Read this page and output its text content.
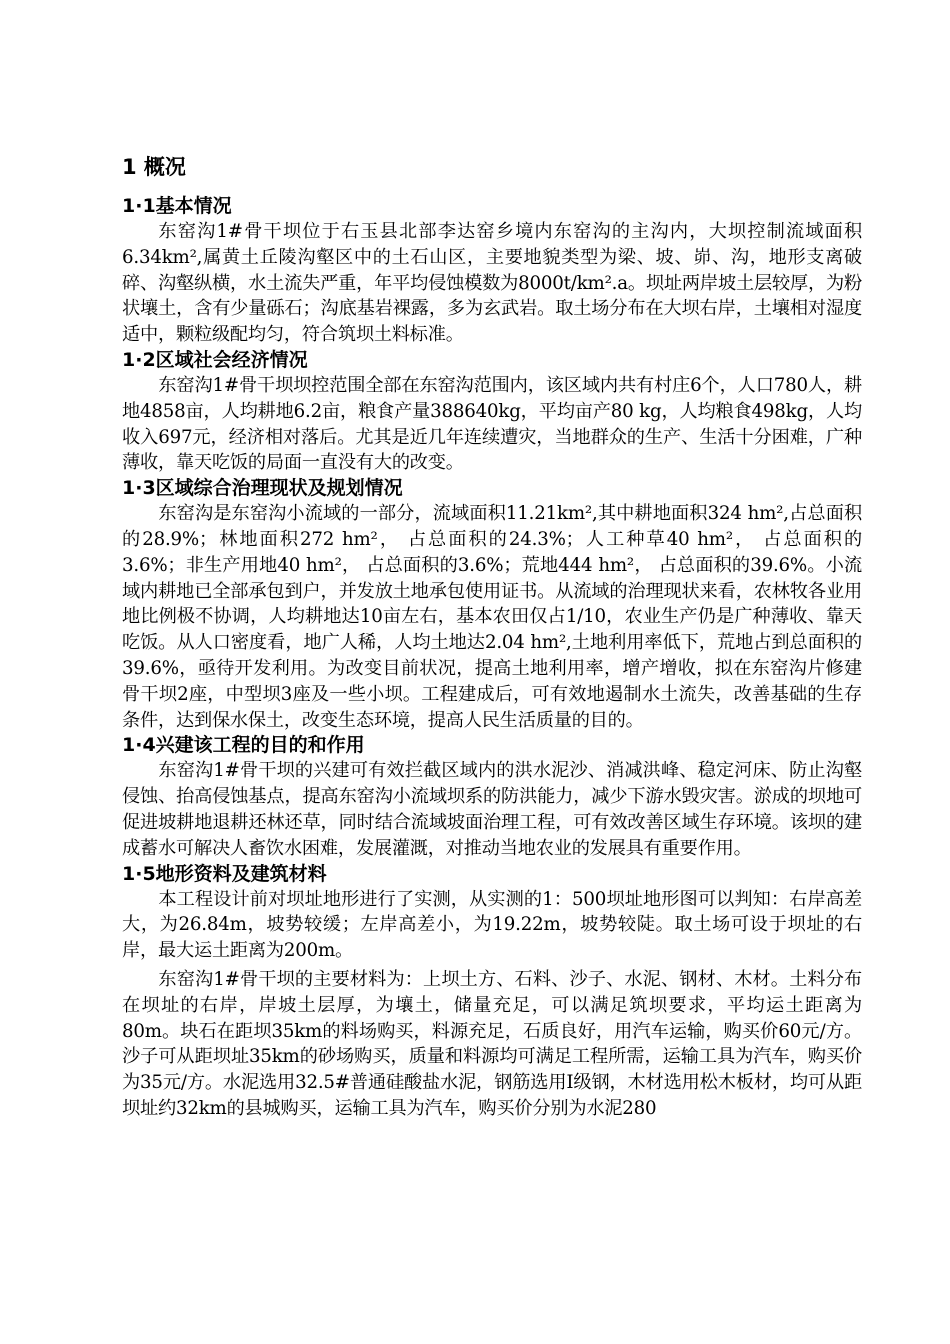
1 概况
1·1基本情况

东窑沟1#骨干坝位于右玉县北部李达窑乡境内东窑沟的主沟内，大坝控制流域面积6.34km²,属黄土丘陵沟壑区中的土石山区，主要地貌类型为梁、坡、峁、沟，地形支离破碎、沟壑纵横，水土流失严重，年平均侵蚀模数为8000t/km².a。坝址两岸坡土层较厚，为粉状壤土，含有少量砾石；沟底基岩裸露，多为玄武岩。取土场分布在大坝右岸，土壤相对湿度适中，颗粒级配均匀，符合筑坝土料标准。

1·2区域社会经济情况

东窑沟1#骨干坝坝控范围全部在东窑沟范围内，该区域内共有村庄6个，人口780人，耕地4858亩，人均耕地6.2亩，粮食产量388640kg，平均亩产80 kg，人均粮食498kg，人均收入697元，经济相对落后。尤其是近几年连续遭灾，当地群众的生产、生活十分困难，广种薄收，靠天吃饭的局面一直没有大的改变。

1·3区域综合治理现状及规划情况

东窑沟是东窑沟小流域的一部分，流域面积11.21km²,其中耕地面积324 hm²,占总面积的28.9%；林地面积272 hm²， 占总面积的24.3%；人工种草40 hm²， 占总面积的3.6%；非生产用地40 hm²， 占总面积的3.6%；荒地444 hm²， 占总面积的39.6%。小流域内耕地已全部承包到户，并发放土地承包使用证书。从流域的治理现状来看，农林牧各业用地比例极不协调，人均耕地达10亩左右，基本农田仅占1/10，农业生产仍是广种薄收、靠天吃饭。从人口密度看，地广人稀，人均土地达2.04 hm²,土地利用率低下，荒地占到总面积的39.6%，亟待开发利用。为改变目前状况，提高土地利用率，增产增收，拟在东窑沟片修建骨干坝2座，中型坝3座及一些小坝。工程建成后，可有效地遏制水土流失，改善基础的生存条件，达到保水保土，改变生态环境，提高人民生活质量的目的。

1·4兴建该工程的目的和作用

东窑沟1#骨干坝的兴建可有效拦截区域内的洪水泥沙、消减洪峰、稳定河床、防止沟壑侵蚀、抬高侵蚀基点，提高东窑沟小流域坝系的防洪能力，减少下游水毁灾害。淤成的坝地可促进坡耕地退耕还林还草，同时结合流域坡面治理工程，可有效改善区域生存环境。该坝的建成蓄水可解决人畜饮水困难，发展灌溉，对推动当地农业的发展具有重要作用。

1·5地形资料及建筑材料

本工程设计前对坝址地形进行了实测，从实测的1：500坝址地形图可以判知：右岸高差大，为26.84m，坡势较缓；左岸高差小，为19.22m，坡势较陡。取土场可设于坝址的右岸，最大运土距离为200m。

东窑沟1#骨干坝的主要材料为：上坝土方、石料、沙子、水泥、钢材、木材。土料分布在坝址的右岸，岸坡土层厚，为壤土，储量充足，可以满足筑坝要求，平均运土距离为80m。块石在距坝35km的料场购买，料源充足，石质良好，用汽车运输，购买价60元/方。沙子可从距坝址35km的砂场购买，质量和料源均可满足工程所需，运输工具为汽车，购买价为35元/方。水泥选用32.5#普通硅酸盐水泥，钢筋选用Ⅰ级钢，木材选用松木板材，均可从距坝址约32km的县城购买，运输工具为汽车，购买价分别为水泥280
